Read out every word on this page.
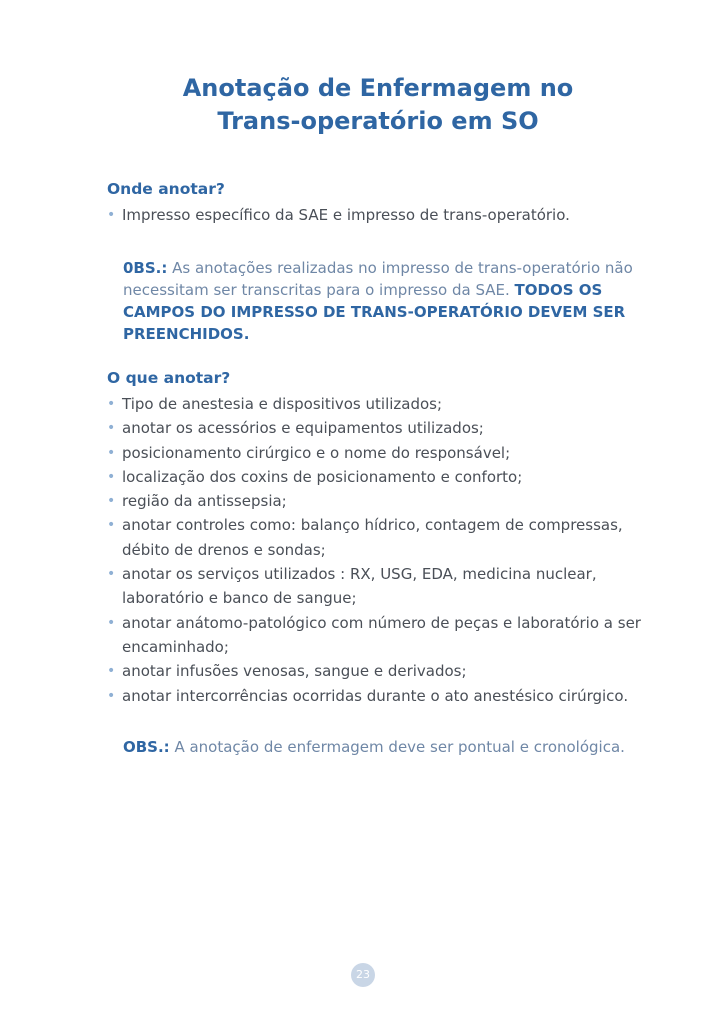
Anotação de Enfermagem no
Trans-operatório em SO
Onde anotar?
• Impresso específico da SAE e impresso de trans-operatório.
0BS.: As anotações realizadas no impresso de trans-operatório não necessitam ser transcritas para o impresso da SAE. TODOS OS CAMPOS DO IMPRESSO DE TRANS-OPERATÓRIO DEVEM SER PREENCHIDOS.
O que anotar?
• Tipo de anestesia e dispositivos utilizados;
• anotar os acessórios e equipamentos utilizados;
• posicionamento cirúrgico e o nome do responsável;
• localização dos coxins de posicionamento e conforto;
• região da antissepsia;
• anotar controles como: balanço hídrico, contagem de compressas, débito de drenos e sondas;
• anotar os serviços utilizados : RX, USG, EDA, medicina nuclear, laboratório e banco de sangue;
• anotar anátomo-patológico com número de peças e laboratório a ser encaminhado;
• anotar infusões venosas, sangue e derivados;
• anotar intercorrências ocorridas durante o ato anestésico cirúrgico.
OBS.: A anotação de enfermagem deve ser pontual e cronológica.
23
